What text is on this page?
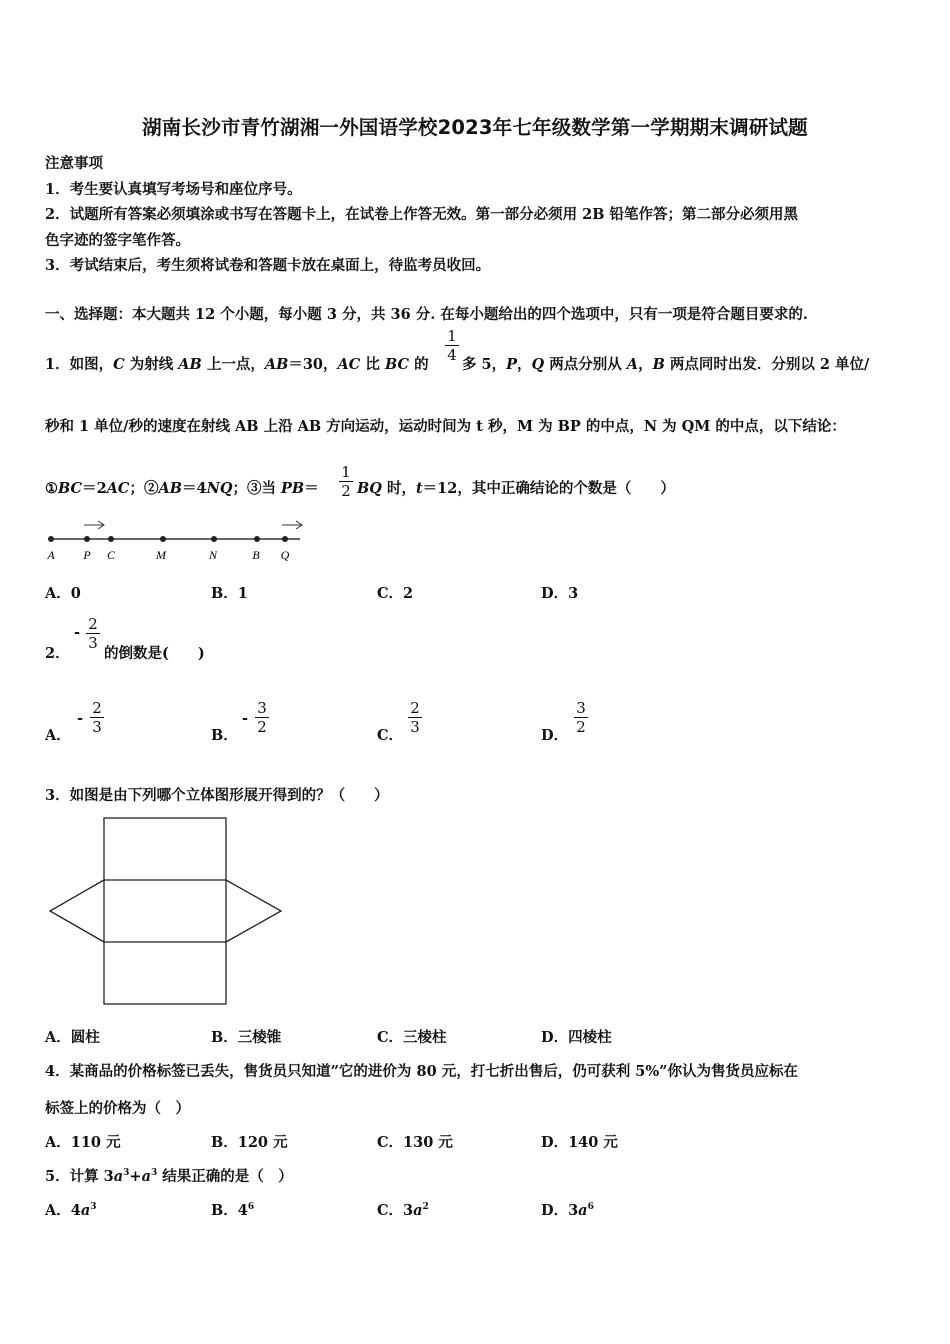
湖南长沙市青竹湖湘一外国语学校2023年七年级数学第一学期期末调研试题
注意事项
1．考生要认真填写考场号和座位序号。
2．试题所有答案必须填涂或书写在答题卡上，在试卷上作答无效。第一部分必须用 2B 铅笔作答；第二部分必须用黑
色字迹的签字笔作答。
3．考试结束后，考生须将试卷和答题卡放在桌面上，待监考员收回。
一、选择题：本大题共 12 个小题，每小题 3 分，共 36 分. 在每小题给出的四个选项中，只有一项是符合题目要求的.
1．如图，C 为射线 AB 上一点，AB＝30，AC 比 BC 的
1
4
多 5，P，Q 两点分别从 A，B 两点同时出发．分别以 2 单位/
秒和 1 单位/秒的速度在射线 AB 上沿 AB 方向运动，运动时间为 t 秒，M 为 BP 的中点，N 为 QM 的中点，以下结论：
①BC＝2AC；②AB＝4NQ；③当 PB＝
1
2 BQ 时，t＝12，其中正确结论的个数是（　　）
A P C	M	N	B Q
A．0	B．1	C．2	D．3
2．
- 2
3
的倒数是(　　)
A．
-
2
3	B．
-
3
2	C．
2
3	D．
3
2
3．如图是由下列哪个立体图形展开得到的？（　　）
A．圆柱	B．三棱锥	C．三棱柱	D．四棱柱
4．某商品的价格标签已丢失，售货员只知道”它的进价为 80 元，打七折出售后，仍可获利 5%”你认为售货员应标在
标签上的价格为（　）
A．110 元	B．120 元	C．130 元	D．140 元
5．计算 $3a^3+a^3$ 结果正确的是（　）
A．$4a^3$	B．$4^6$	C．$3a^2$	D．$3a^6$
